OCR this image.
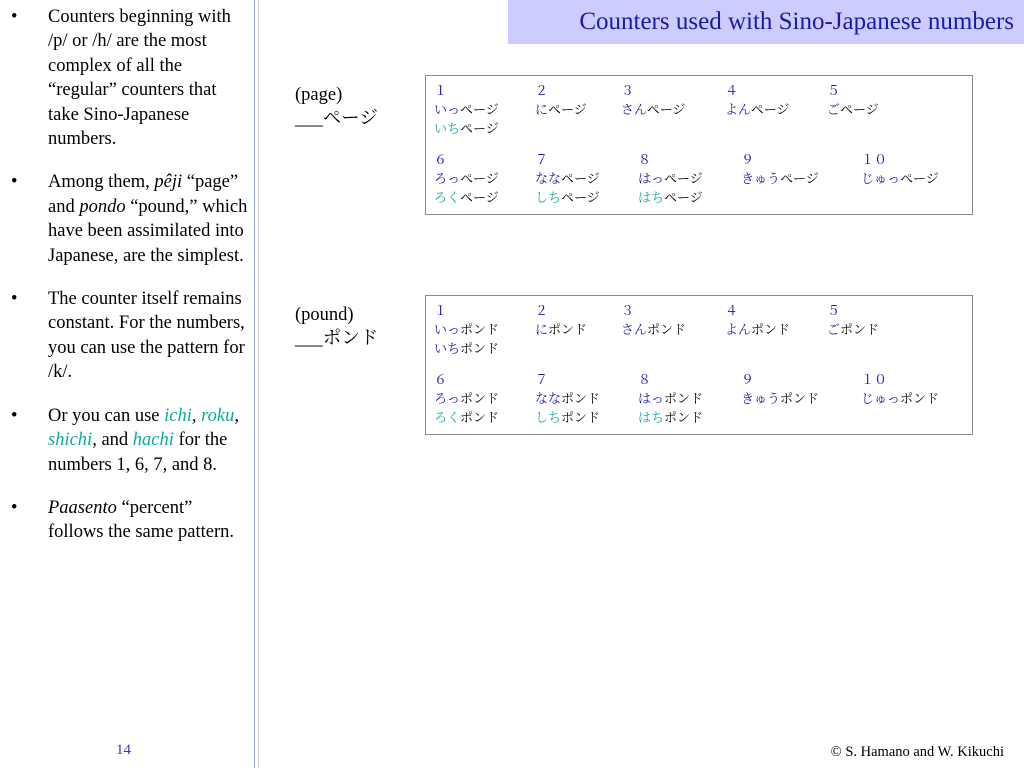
• Counters beginning with /p/ or /h/ are the most complex of all the “regular” counters that take Sino-Japanese numbers.
• Among them, pêji “page” and pondo “pound,” which have been assimilated into Japanese, are the simplest.
• The counter itself remains constant. For the numbers, you can use the pattern for /k/.
• Or you can use ichi, roku, shichi, and hachi for the numbers 1, 6, 7, and 8.
• Paasento “percent” follows the same pattern.
14
Counters used with Sino-Japanese numbers
(page)
___ページ
１	２	３	４	５
いっページ	にページ	さんページ	よんページ	ごページ
いちページ
６	７	８	９	１０
ろっページ	ななページ	はっページ	きゅうページ	じゅっページ
ろくページ	しちページ	はちページ
(pound)
___ポンド
１	２	３	４	５
いっポンド	にポンド	さんポンド	よんポンド	ごポンド
いちポンド
６	７	８	９	１０
ろっポンド	ななポンド	はっポンド	きゅうポンド	じゅっポンド
ろくポンド	しちポンド	はちポンド
© S. Hamano and W. Kikuchi
